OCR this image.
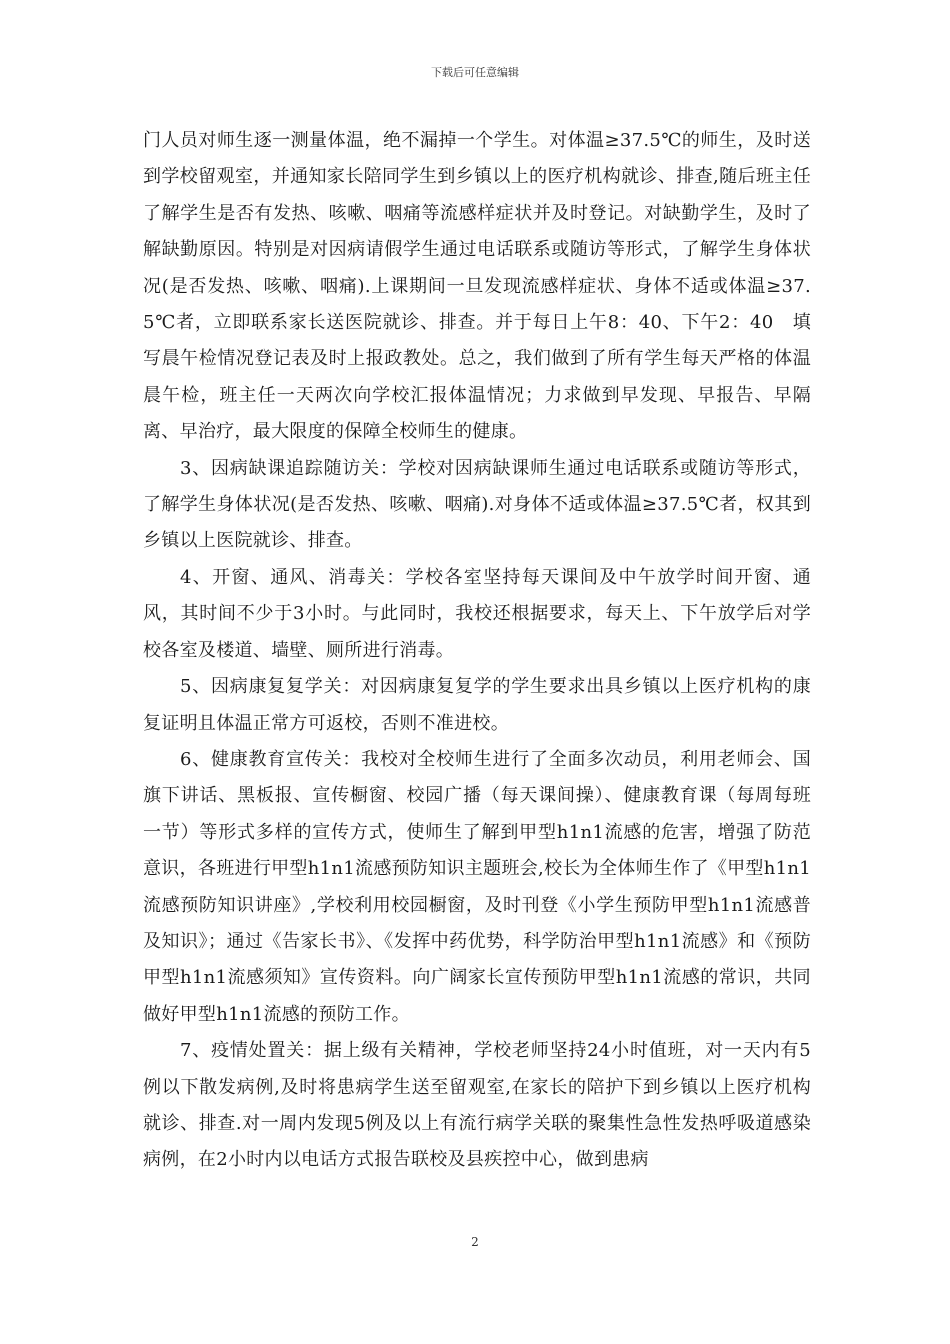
下载后可任意编辑

门人员对师生逐一测量体温，绝不漏掉一个学生。对体温≥37.5℃的师生，及时送到学校留观室，并通知家长陪同学生到乡镇以上的医疗机构就诊、排查,随后班主任了解学生是否有发热、咳嗽、咽痛等流感样症状并及时登记。对缺勤学生，及时了解缺勤原因。特别是对因病请假学生通过电话联系或随访等形式，了解学生身体状况(是否发热、咳嗽、咽痛).上课期间一旦发现流感样症状、身体不适或体温≥37.5℃者，立即联系家长送医院就诊、排查。并于每日上午8：40、下午2：40　填写晨午检情况登记表及时上报政教处。总之，我们做到了所有学生每天严格的体温晨午检，班主任一天两次向学校汇报体温情况；力求做到早发现、早报告、早隔离、早治疗，最大限度的保障全校师生的健康。

3、因病缺课追踪随访关：学校对因病缺课师生通过电话联系或随访等形式，了解学生身体状况(是否发热、咳嗽、咽痛).对身体不适或体温≥37.5℃者，权其到乡镇以上医院就诊、排查。

4、开窗、通风、消毒关：学校各室坚持每天课间及中午放学时间开窗、通风，其时间不少于3小时。与此同时，我校还根据要求，每天上、下午放学后对学校各室及楼道、墙壁、厕所进行消毒。

5、因病康复复学关：对因病康复复学的学生要求出具乡镇以上医疗机构的康复证明且体温正常方可返校，否则不准进校。

6、健康教育宣传关：我校对全校师生进行了全面多次动员，利用老师会、国旗下讲话、黑板报、宣传橱窗、校园广播（每天课间操）、健康教育课（每周每班一节）等形式多样的宣传方式，使师生了解到甲型h1n1流感的危害，增强了防范意识，各班进行甲型h1n1流感预防知识主题班会,校长为全体师生作了《甲型h1n1流感预防知识讲座》,学校利用校园橱窗，及时刊登《小学生预防甲型h1n1流感普及知识》；通过《告家长书》、《发挥中药优势，科学防治甲型h1n1流感》和《预防甲型h1n1流感须知》宣传资料。向广阔家长宣传预防甲型h1n1流感的常识，共同做好甲型h1n1流感的预防工作。

7、疫情处置关：据上级有关精神，学校老师坚持24小时值班，对一天内有5例以下散发病例,及时将患病学生送至留观室,在家长的陪护下到乡镇以上医疗机构就诊、排查.对一周内发现5例及以上有流行病学关联的聚集性急性发热呼吸道感染病例，在2小时内以电话方式报告联校及县疾控中心，做到患病

2
